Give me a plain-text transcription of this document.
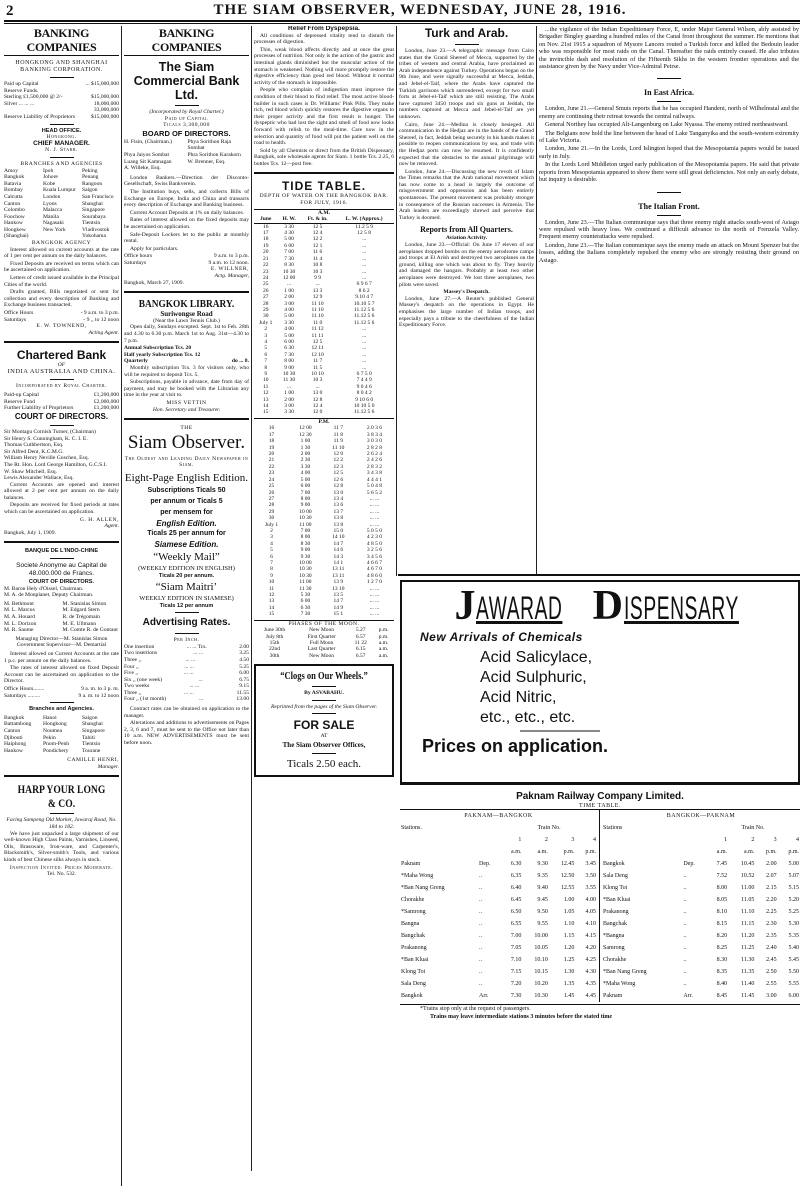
2	THE SIAM OBSERVER, WEDNESDAY, JUNE 28, 1916.
BANKING COMPANIES
HONGKONG AND SHANGHAI BANKING CORPORATION.
Paid up Capital	... $15,000,000
Reserve Funds.
Sterling £1,500,000 @ 2/-	$15,000,000
Silver ... ... ...	18,000,000
33,000,000
Reserve Liability of Proprietors	$15,000,000
HEAD OFFICE.
Hongkong.
CHIEF MANAGER.
N. J. Stabb.
BRANCHES AND AGENCIES
Amoy	Ipoh	Peking
Bangkok	Johore	Penang
Batavia	Kobe	Rangoon
Bombay	Kuala Lumpur	Saigon
Calcutta	London	San Francisco
Canton	Lyons	Shanghai
Colombo	Malacca	Singapore
Foochow	Manila	Sourabaya
Hankow	Nagasaki	Tientsin
Hongkew	New York	Vladivostok
(Shanghai)	Yokohama
BANGKOK AGENCY

Interest allowed on current accounts at the rate of 1 per cent per annum on the daily balances.

Fixed Deposits are received on terms which can be ascertained on application.

Letters of credit issued available in the Principal Cities of the world.

Drafts granted, Bills negotiated or sent for collection and every description of Banking and Exchange business transacted.

Office Hours	- 9 a.m. to 3 p.m.
Saturdays	- 9 ,, to 12 noon
E. W. TOWNEND,
Acting Agent.
Chartered Bank
OF
INDIA AUSTRALIA AND CHINA.
Incorporated by Royal Charter.
Paid-up Capital	£1,200,000
Reserve Fund	£2,000,000
Further Liability of Proprietors	£1,200,000
COURT OF DIRECTORS.
Sir Montagu Cornish Turner, (Chairman)
Sir Henry S. Cunningham, K. C. I. E.
Thomas Cuthbertson, Esq.
Sir Alfred Dent, K.C.M.G.
William Henry Neville Goschen, Esq.
The Rt. Hon. Lord George Hamilton, G.C.S.I.
W. Shaw Mitchell, Esq.
Lewis Alexander Wallace, Esq.

Current Accounts are opened and interest allowed at 2 per cent per annum on the daily balances.

Deposits are received for fixed periods at rates which can be ascertained on application.

G. H. ALLEN,
Agent.
Bangkok, July 1, 1909.
BANQUE DE L'INDO-CHINE
Societe Anonyme au Capital de 48.000.000 de Francs.
COURT OF DIRECTORS.
M. Baron Hely d'Oissel, Chairman.
M. A. de Monplanet, Deputy Chairman.
M. Bethmont	M. Stanislas Simon
M. L. Marcus	M. Edgard Stern
M. A. Houard	R. de Trégomain
M. L. Dorizon	M. E. Ullmann
M. R. Saume	M. Comte R. de Gontaut
Managing Director—M. Stanislas Simon
Government Supervisor—M. Demartial

Interest allowed on Current Accounts at the rate 1 p.c. per annum on the daily balances.

The rates of interest allowed on fixed Deposit Account can be ascertained on application to the Director.

Office Hours........	9 a. m. to 3 p. m.
Saturdays .........	9 a. m. to 12 noon
Branches and Agencies.
Bangkok	Hanoi	Saigon
Battambong	Hongkong	Shanghai
Canton	Noumea	Singapore
Djibouti	Pekin	Tahiti
Haiphong	Pnom-Penh	Tientsin
Hankow	Pondichery	Tourane
CAMILLE HENRI,
Manager.
HARP YOUR LONG & CO.
Facing Sampeng Old Market, Jawaraj Road, No. 184 to 182.

We have just unpacked a large shipment of our well-known High Class Paints, Varnishes, Linseed, Oils, Brassware, Iron-ware, and Carpenter's, Blacksmith's, Silver-smith's Tools, and various kinds of best Chinese silks always in stock.

Inspection Invited. Prices Moderate.
Tel. No. 532.
BANKING COMPANIES
The Siam Commercial Bank Ltd.
(Incorporated by Royal Charter.)
Paid up Capital
Ticals 3,300,000
BOARD OF DIRECTORS.
H. Fisin, (Chairman.)	Phya Sorithon Raja Sombat
Phya Jaiyos Sombat	Phra Sorithon Karakorn
Luang Sit Kamnagan	W. Brenner, Esq.
A. Willeke, Esq.

London Bankers.—Direction der Disconto-Gesellschaft, Swiss Bankverein.

The Institution buys, sells, and collects Bills of Exchange on Europe, India and China and transacts every description of Exchange and Banking business.

Current Account Deposits at 1% on daily balances.

Rates of interest allowed on the fixed deposits may be ascertained on application.

Safe-Deposit Lockers let to the public at monthly rental.

Apply for particulars.

Office hours	9 a.m. to 3 p.m.
Saturdays	9 a.m. to 12 noon.
E. WILLNER,
Actg. Manager,
Bangkok, March 27, 1909.
BANGKOK LIBRARY.
Suriwongse Road
(Near the Lawn Tennis Club.)

Open daily, Sundays excepted. Sept. 1st to Feb. 28th and 4.30 to 6.30 p.m. March 1st to Aug. 31st—4.30 to 7 p.m.

Annual Subscription Tcs. 20
Half yearly Subscription Tcs. 12
Quarterly	do ... 8.

Monthly subscription Tcs. 3 for visitors only, who will be required to deposit Tcs. 5.

Subscriptions, payable in advance, date from day of payment, and may be booked with the Librarian any time in the year at visit to.

MISS VETTIN
Hon. Secretary and Treasurer.
THE
Siam Observer.
The Oldest and Leading Daily Newspaper in Siam.
Eight-Page English Edition.
Subscriptions Ticals 50
per annum or Ticals 5
per mensem for
English Edition.
Ticals 25 per annum for
Siamese Edition.
“Weekly Mail”
(WEEKLY EDITION IN ENGLISH)
Ticals 20 per annum.
“Siam Maitri’
WEEKLY EDITION IN SIAMESE)
Ticals 12 per annum
Advertising Rates.
Per Inch.
One insertion	... ... Tcs.	2.00
Two insertions	... ...	3.25
Three ,,	... ...	4.50
Four ,,	... ...	5.25
Five ,,	... ...	6.00
Six ,, (one week)	...	6.75
Two weeks	... ...	9.15
Three ,,	... ...	11.55
Four ,, (1st month)	...	13.00

Contract rates can be obtained on application to the manager.

Alterations and additions to advertisements on Pages 2, 3, 6 and 7, must be sent to the Office not later than 10 a.m. NEW ADVERTISEMENTS must be sent before noon.

Relief From Dyspepsia.

All conditions of depressed vitality tend to disturb the processes of digestion.

Thin, weak blood affects directly and at once the great processes of nutrition. Not only is the action of the gastric and intestinal glands diminished but the muscular action of the stomach is weakened. Nothing will more promptly restore the digestive efficiency than good red blood. Without it normal activity of the stomach is impossible.

People who complain of indigestion must improve the condition of their blood to find relief. The most active blood-builder in such cases is Dr. Williams' Pink Pills. They make rich, red blood which quickly restores the digestive organs to their proper activity and the first result is hunger. The dyspeptic who had lost the sight and smell of food now looks forward with relish to the meal-time. Care now in the selection and quantity of food will put the patient well on the road to health.

Sold by all Chemists or direct from the British Dispensary, Bangkok, sole wholesale agents for Siam. 1 bottle Tcs. 2.25, 6 bottles Tcs. 12—post free.

TIDE TABLE.
DEPTH OF WATER ON THE BANGKOK BAR.
FOR JULY, 1916.
A.M.
June	H. W.	Ft. & in.	L. W. (Approx.)
16	3 30	12 5	11.2 5 9
17	4 30	12 4	12 5 8
18	5 00	12 2	...
19	6 00	12 1	...
20	7 00	11 6	...
21	7 30	11 4	...
22	8 30	10 8	...
23	10 30	10 3	...
24	12 00	9 9	...
25	...	...	6 9 6 7
26	1 00	13 3	8 6 2
27	2 00	12 9	9.10 4 7
28	3 00	11 10	10.10 5 7
29	4 00	11 10	11.12 5 6
30	5 00	11 10	11.12 5 6
July 1	3 30	11 0	11.12 5 6
2	4 00	11 12	...
3	5 00	11 11	...
4	6 00	12 5	...
5	6 30	12 11	...
6	7 30	12 10	...
7	8 00	11 7	...
8	9 00	11 5	...
9	10 30	10 10	6 7 5 0
10	11 30	10 3	7 4 4 9
11	...	...	9 0 4 6
12	1 00	13 0	8 0 4 2
13	2 00	12 8	9 10 6 0
14	3 00	12 4	10 10 5 0
15	3 30	12 0	11.12 5 6
P.M.
16	12 00	11 7	2.0 3 6
17	12 30	11 8	3 8 3 4
18	1 00	11 9	3 0 3 0
19	1 30	11 10	2 8 2 8
20	2 00	12 0	2 6 2 4
21	2 30	12 2	2 4 2 6
22	3 30	12 3	2 8 3 2
23	4 00	12 5	3 4 3 8
24	5 00	12 6	4 4 4 1
25	6 00	12 8	5 0 4 8
26	7 00	13 0	5 6 5 2
27	8 00	13 4	... ...
28	9 00	13 6	... ...
29	10 00	13 7	... ...
30	10 30	13 8	... ...
July 1	11 00	13 8	... ...
2	7 00	15 0	5 0 5 0
3	8 00	14 10	4 2 3 0
4	8 30	14 7	4 8 5 0
5	9 00	14 6	3 2 5 6
6	9 30	14 3	3 4 5 6
7	10 00	14 1	4 6 6 7
8	10 30	13 11	4 6 7 0
9	10 30	13 11	4 8 6 0
10	11 00	13 9	1 2 7 0
11	11 30	13 10	... ...
12	5 30	13 5	... ...
13	6 00	14 7	... ...
14	6 30	14 9	... ...
15	7 30	15 1	... ...
PHASES OF THE MOON.
June 30th	New Moon	5.27	p.m.
July 8th	First Quarter	6.57	p.m.
15th	Full Moon	11 22	a.m.
22nd	Last Quarter	6.15	a.m.
30th	New Moon	6.57	a.m.
“Clogs on Our Wheels.”
By ASVABAHU.
Reprinted from the pages of the Siam Observer.
FOR SALE
AT
The Siam Observer Offices,
Ticals 2.50 each.
Turk and Arab.

London, June 23.—A telegraphic message from Cairo states that the Grand Shereef of Mecca, supported by the tribes of western and central Arabia, have proclaimed an Arab independence against Turkey. Operations began on the 9th June, and were signally successful at Mecca, Jeddah, and Jebel-el-Taif, where the Arabs have captured the Turkish garrisons which surrendered, except for two small forts at Jebel-el-Taif which are still resisting. The Arabs have captured 3450 troops and six guns at Jeddah, the numbers captured at Mecca and Jebel-el-Taif are yet unknown.

Cairo, June 24.—Medina is closely besieged. All communication in the Hedjaz are in the hands of the Grand Shereef, in fact, Jeddah being securely in his hands makes it possible to reopen communications by sea, and trade with the Hedjaz ports can now be resumed. It is confidently expected that the obstacles to the annual pilgrimage will now be removed.

London, June 24.—Discussing the new revolt of Islam the Times remarks that the Arab national movement which has now come to a head is largely the outcome of misgovernment and oppression and has been entirely spontaneous. The present movement was probably stronger in consequence of the Russian successes in Armenia. The Arab leaders are exceedingly shrewd and perceive that Turkey is doomed.

Reports from All Quarters.
Aviation Activity.

London, June 23.—Official: On June 17 eleven of our aeroplanes dropped bombs on the enemy aerodrome camps and troops at El Arish and destroyed two aeroplanes on the ground, killing one which was about to fly. They heavily and damaged the hangars. Probably at least two other aeroplanes were destroyed. We lost three aeroplanes, two pilots were saved.

Massey's Despatch.

London, June 27.—A Reuter's published General Massey's despatch on the operations in Egypt. He emphasises the large number of Indian troops, and especially pays a tribute to the cheerfulness of the Indian Expeditionary Force.

...the vigilance of the Indian Expeditionary Force, E, under Major General Wilson, ably assisted by Brigadier Bingley guarding a hundred miles of the Canal front throughout the summer. He mentions that on Nov. 21st 1915 a squadron of Mysore Lancers routed a Turkish force and killed the Bedouin leader who was responsible for most raids on the Canal. Thereafter the raids entirely ceased. He also tributes the invincible dash and resolution of the Fifteenth Sikhs in the western frontier operations and the assistance given by the Navy under Vice-Admiral Peirse.

In East Africa.

London, June 21.—General Smuts reports that he has occupied Handeni, north of Wilhelmstal and the enemy are continuing their retreat towards the central railways.

General Northey has occupied Alt-Langenburg on Lake Nyassa. The enemy retired northeastward.

The Belgians now hold the line between the head of Lake Tanganyika and the south-western extremity of Lake Victoria.

London, June 21.—In the Lords, Lord Islington hoped that the Mesopotamia papers would be issued early in July.

In the Lords Lord Middleton urged early publication of the Mesopotamia papers. He said that private reports from Mesopotamia appeared to show there were still great deficiencies. Not only an early debate, but inquiry is desirable.

The Italian Front.

London, June 23.—The Italian communique says that three enemy night attacks south-west of Asiago were repulsed with heavy loss. We continued a difficult advance to the north of Frenzela Valley. Frequent enemy counterattacks were repulsed.

London, June 23.—The Italian communique says the enemy made an attack on Mount Spenzer but the losses, adding the Italians completely repulsed the enemy who are strongly resisting their ground on Asiago.

JAWARAD DISPENSARY
New Arrivals of Chemicals
Acid Salicylace,
Acid Sulphuric,
Acid Nitric,
etc., etc., etc.
Prices on application.
Paknam Railway Company Limited.
TIME TABLE.
PAKNAM—BANGKOK
Stations.		Train No.			
		1	2	3	4
		a.m.	a.m.	p.m.	p.m.
Paknam	Dep.	6.30	9.30	12.45	3.45
*Maha Wong	..	6.35	9.35	12.50	3.50
*Ban Nang Greng	..	6.40	9.40	12.55	3.55
Chorakhe	..	6.45	9.45	1.00	4.00
*Samrong	..	6.50	9.50	1.05	4.05
Bangna	..	6.55	9.55	1.10	4.10
Bangchak	..	7.00	10.00	1.15	4.15
Prakanong	..	7.05	10.05	1.20	4.20
*Ban Kluai	..	7.10	10.10	1.25	4.25
Klong Toi	..	7.15	10.15	1.30	4.30
Sala Deng	..	7.20	10.20	1.35	4.35
Bangkok	Arr.	7.30	10.30	1.45	4.45
BANGKOK—PAKNAM
Stations		Train No.			
		1	2	3	4
		a.m.	a.m.	p.m.	p.m.
Bangkok	Dep.	7.45	10.45	2.00	5.00
Sala Deng	..	7.52	10.52	2.07	5.07
Klong Toi	..	8.00	11.00	2.15	5.15
*Ban Kluai	..	8.05	11.05	2.20	5.20
Prakanong	..	8.10	11.10	2.25	5.25
Bangchak	..	8.15	11.15	2.30	5.30
*Bangna	..	8.20	11.20	2.35	5.35
Samrong	..	8.25	11.25	2.40	5.40
Chorakhe	..	8.30	11.30	2.45	5.45
*Ban Nang Greng	..	8.35	11.35	2.50	5.50
*Maha Wong	..	8.40	11.40	2.55	5.55
Paknam	Arr.	8.45	11.45	3.00	6.00
*Trains stop only at the request of passengers.
Trains may leave intermediate stations 3 minutes before the stated time
